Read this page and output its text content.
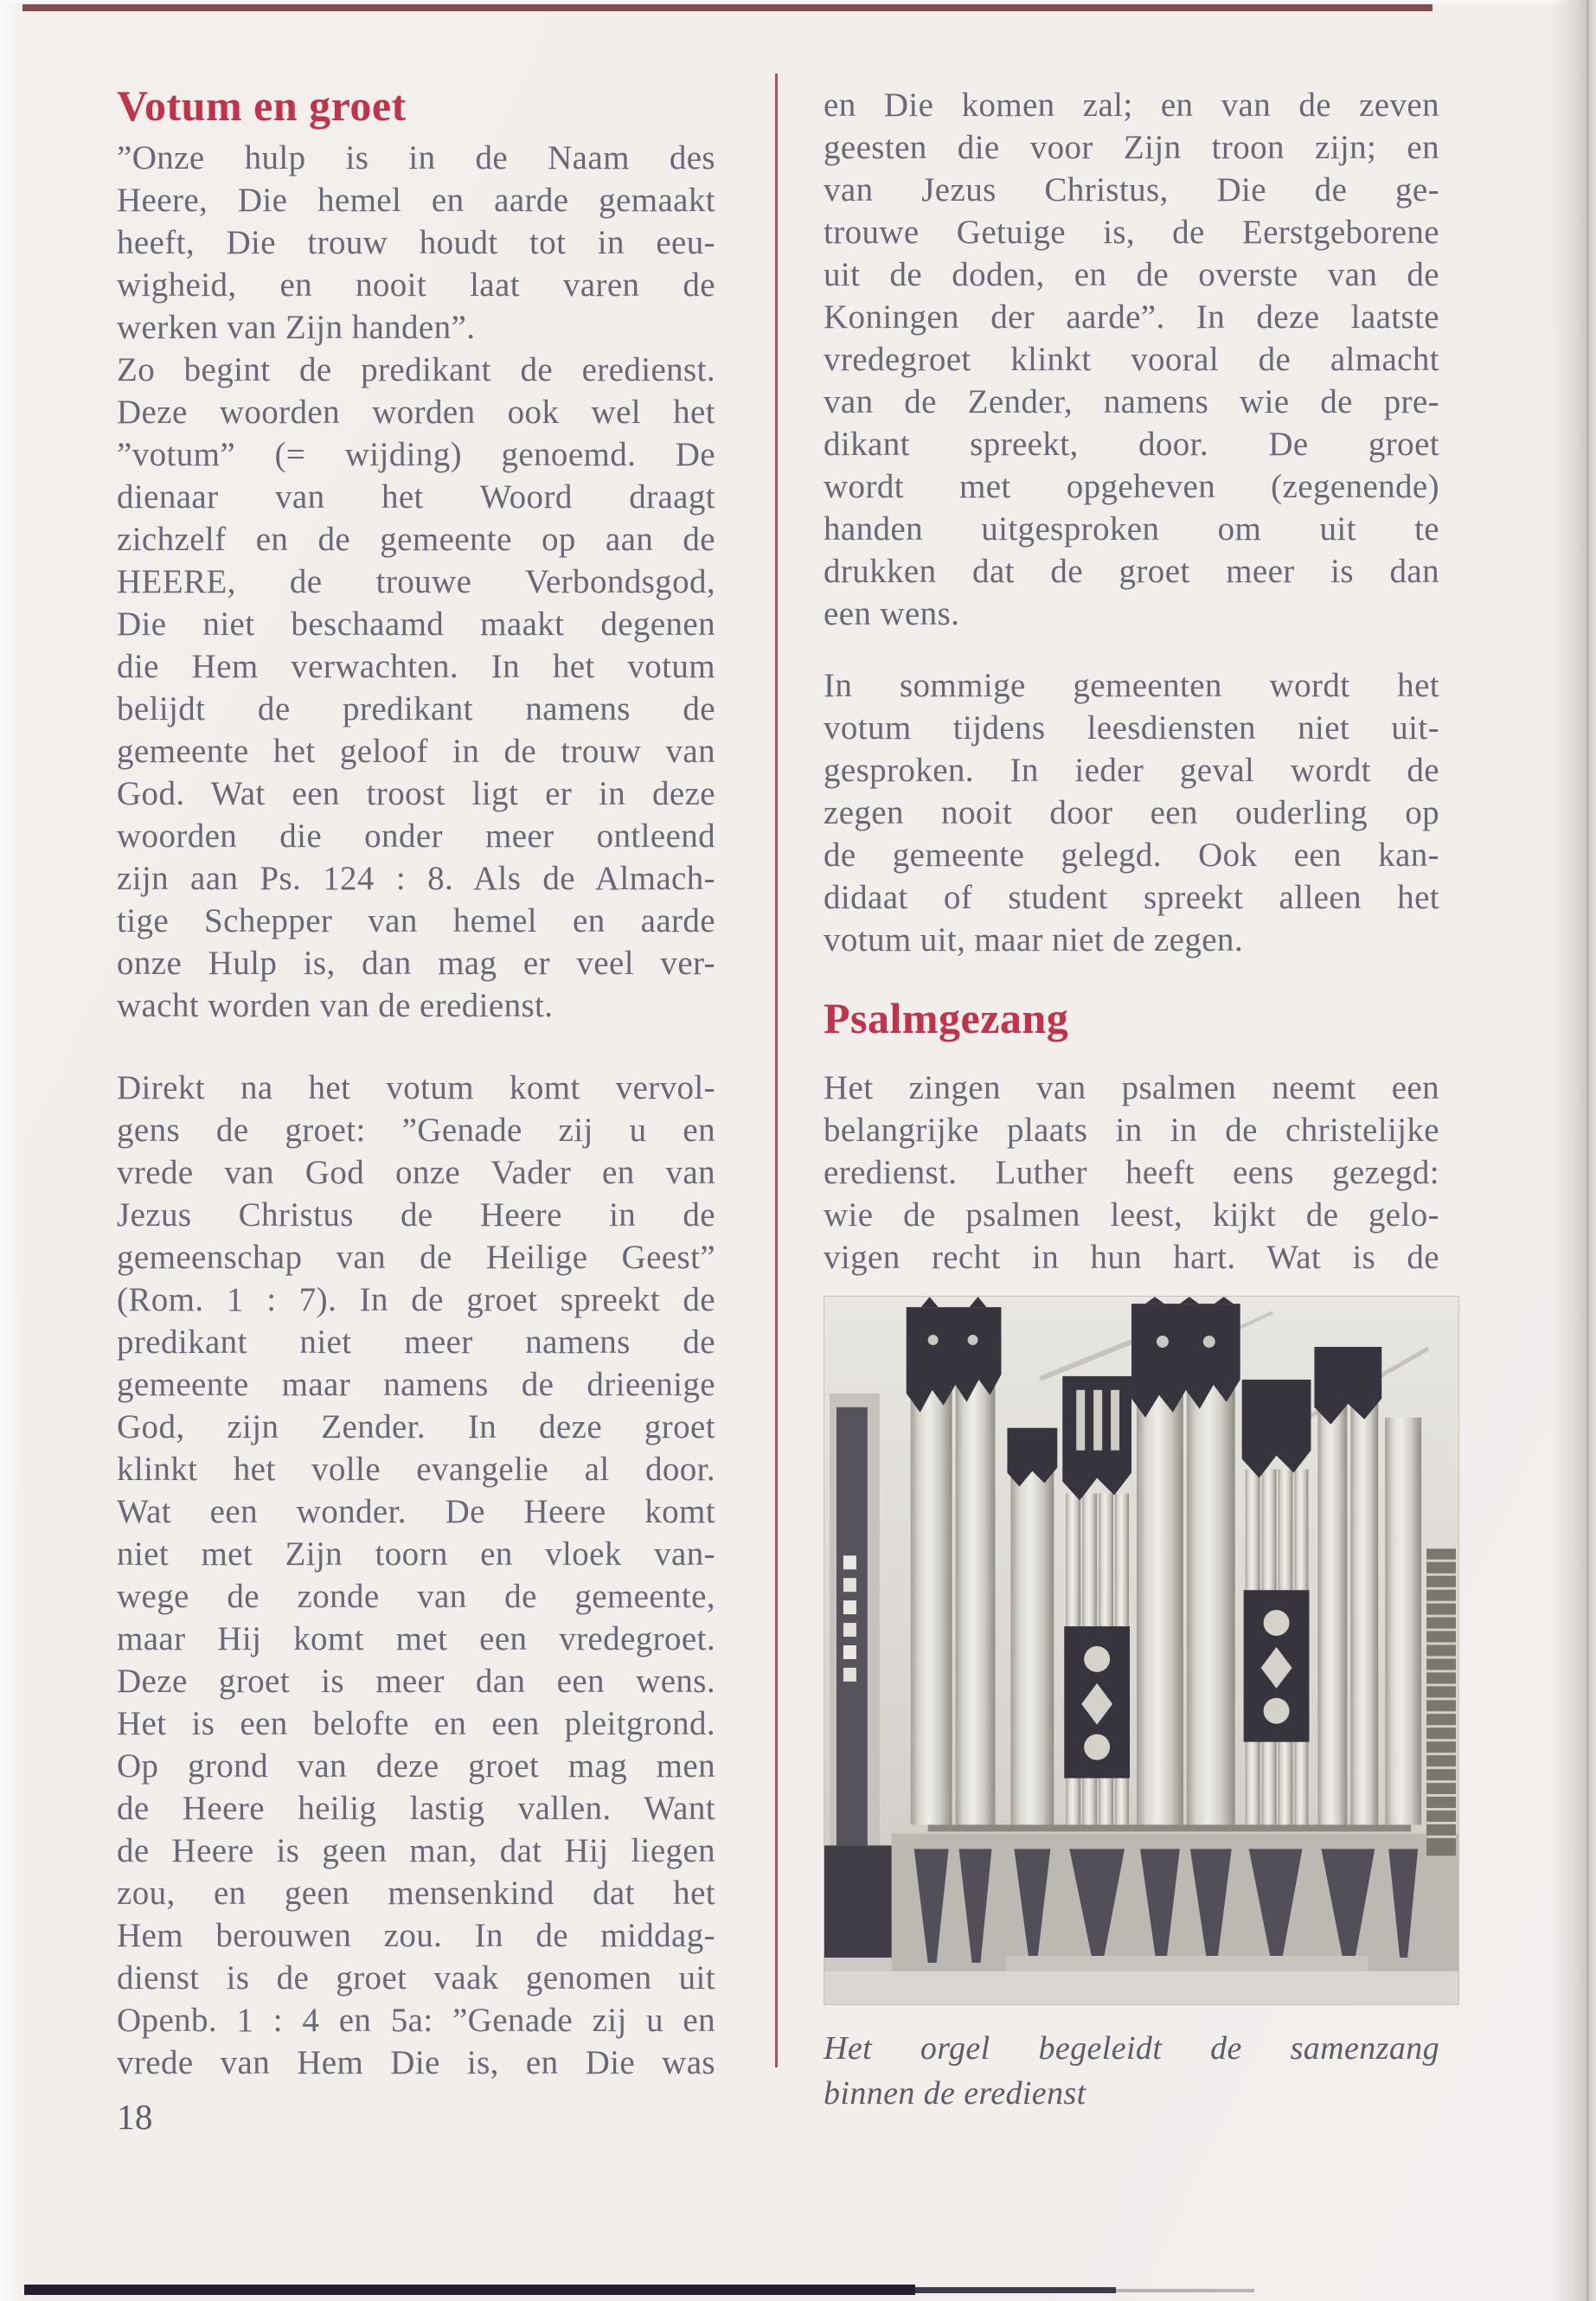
Votum en groet
”Onze hulp is in de Naam des
Heere, Die hemel en aarde gemaakt
heeft, Die trouw houdt tot in eeu-
wigheid, en nooit laat varen de
werken van Zijn handen”.
Zo begint de predikant de eredienst.
Deze woorden worden ook wel het
”votum” (= wijding) genoemd. De
dienaar van het Woord draagt
zichzelf en de gemeente op aan de
HEERE, de trouwe Verbondsgod,
Die niet beschaamd maakt degenen
die Hem verwachten. In het votum
belijdt de predikant namens de
gemeente het geloof in de trouw van
God. Wat een troost ligt er in deze
woorden die onder meer ontleend
zijn aan Ps. 124 : 8. Als de Almach-
tige Schepper van hemel en aarde
onze Hulp is, dan mag er veel ver-
wacht worden van de eredienst.
Direkt na het votum komt vervol-
gens de groet: ”Genade zij u en
vrede van God onze Vader en van
Jezus Christus de Heere in de
gemeenschap van de Heilige Geest”
(Rom. 1 : 7). In de groet spreekt de
predikant niet meer namens de
gemeente maar namens de drieenige
God, zijn Zender. In deze groet
klinkt het volle evangelie al door.
Wat een wonder. De Heere komt
niet met Zijn toorn en vloek van-
wege de zonde van de gemeente,
maar Hij komt met een vredegroet.
Deze groet is meer dan een wens.
Het is een belofte en een pleitgrond.
Op grond van deze groet mag men
de Heere heilig lastig vallen. Want
de Heere is geen man, dat Hij liegen
zou, en geen mensenkind dat het
Hem berouwen zou. In de middag-
dienst is de groet vaak genomen uit
Openb. 1 : 4 en 5a: ”Genade zij u en
vrede van Hem Die is, en Die was
18
en Die komen zal; en van de zeven
geesten die voor Zijn troon zijn; en
van Jezus Christus, Die de ge-
trouwe Getuige is, de Eerstgeborene
uit de doden, en de overste van de
Koningen der aarde”. In deze laatste
vredegroet klinkt vooral de almacht
van de Zender, namens wie de pre-
dikant spreekt, door. De groet
wordt met opgeheven (zegenende)
handen uitgesproken om uit te
drukken dat de groet meer is dan
een wens.
In sommige gemeenten wordt het
votum tijdens leesdiensten niet uit-
gesproken. In ieder geval wordt de
zegen nooit door een ouderling op
de gemeente gelegd. Ook een kan-
didaat of student spreekt alleen het
votum uit, maar niet de zegen.
Psalmgezang
Het zingen van psalmen neemt een
belangrijke plaats in in de christelijke
eredienst. Luther heeft eens gezegd:
wie de psalmen leest, kijkt de gelo-
vigen recht in hun hart. Wat is de
Het orgel begeleidt de samenzang
binnen de eredienst
